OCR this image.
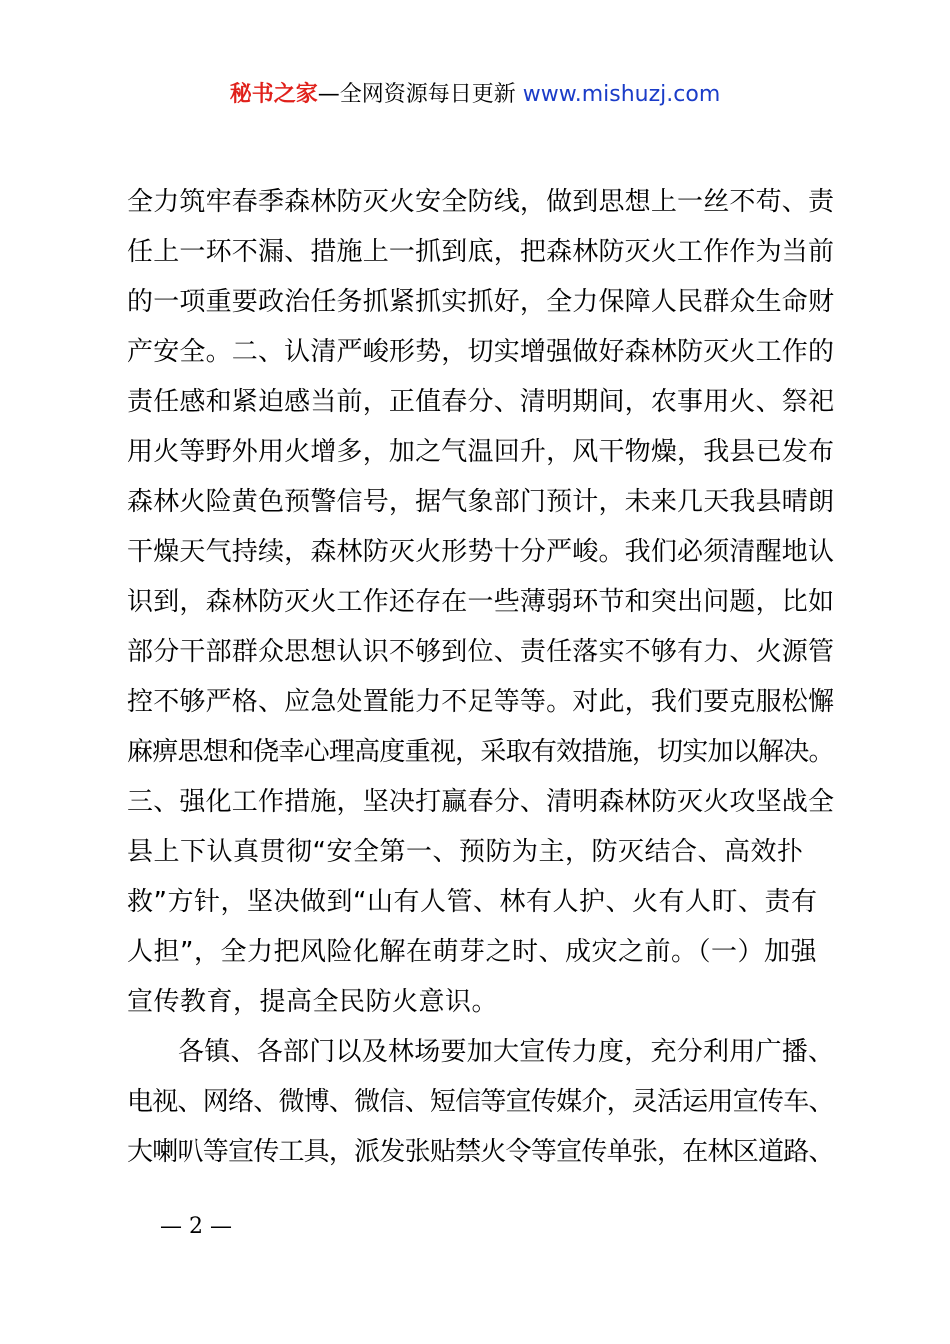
秘书之家—全网资源每日更新 www.mishuzj.com
全力筑牢春季森林防灭火安全防线，做到思想上一丝不苟、责
任上一环不漏、措施上一抓到底，把森林防灭火工作作为当前
的一项重要政治任务抓紧抓实抓好，全力保障人民群众生命财
产安全。二、认清严峻形势，切实增强做好森林防灭火工作的
责任感和紧迫感当前，正值春分、清明期间，农事用火、祭祀
用火等野外用火增多，加之气温回升，风干物燥，我县已发布
森林火险黄色预警信号，据气象部门预计，未来几天我县晴朗
干燥天气持续，森林防灭火形势十分严峻。我们必须清醒地认
识到，森林防灭火工作还存在一些薄弱环节和突出问题，比如
部分干部群众思想认识不够到位、责任落实不够有力、火源管
控不够严格、应急处置能力不足等等。对此，我们要克服松懈
麻痹思想和侥幸心理高度重视，采取有效措施，切实加以解决。
三、强化工作措施，坚决打赢春分、清明森林防灭火攻坚战全
县上下认真贯彻“安全第一、预防为主，防灭结合、高效扑
救”方针，坚决做到“山有人管、林有人护、火有人盯、责有
人担”，全力把风险化解在萌芽之时、成灾之前。（一）加强
宣传教育，提高全民防火意识。
各镇、各部门以及林场要加大宣传力度，充分利用广播、
电视、网络、微博、微信、短信等宣传媒介，灵活运用宣传车、
大喇叭等宣传工具，派发张贴禁火令等宣传单张，在林区道路、
— 2 —
